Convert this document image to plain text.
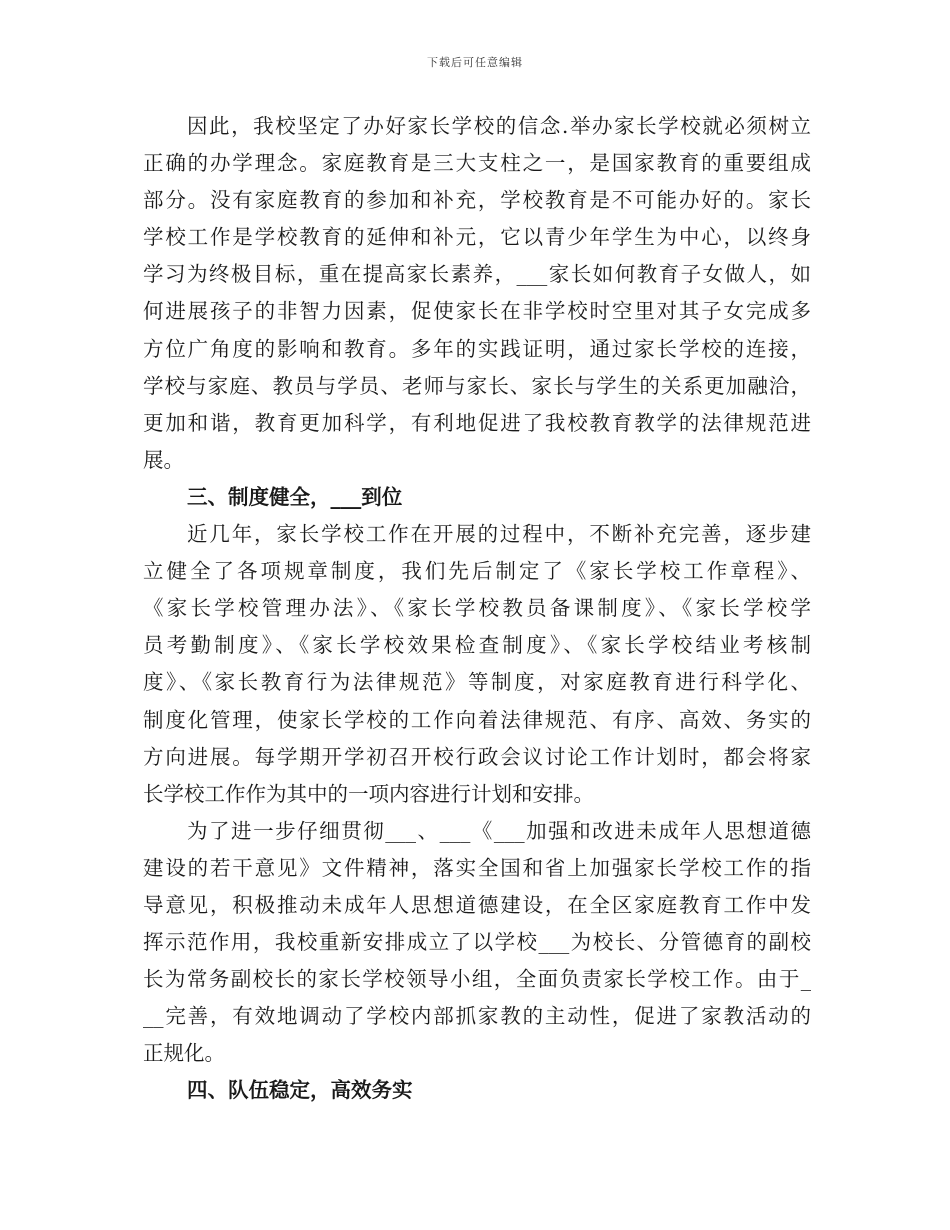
下载后可任意编辑
因此，我校坚定了办好家长学校的信念.举办家长学校就必须树立
正确的办学理念。家庭教育是三大支柱之一，是国家教育的重要组成
部分。没有家庭教育的参加和补充，学校教育是不可能办好的。家长
学校工作是学校教育的延伸和补元，它以青少年学生为中心，以终身
学习为终极目标，重在提高家长素养，___家长如何教育子女做人，如
何进展孩子的非智力因素，促使家长在非学校时空里对其子女完成多
方位广角度的影响和教育。多年的实践证明，通过家长学校的连接，
学校与家庭、教员与学员、老师与家长、家长与学生的关系更加融洽，
更加和谐，教育更加科学，有利地促进了我校教育教学的法律规范进
展。
三、制度健全，___到位
近几年，家长学校工作在开展的过程中，不断补充完善，逐步建
立健全了各项规章制度，我们先后制定了《家长学校工作章程》、
《家长学校管理办法》、《家长学校教员备课制度》、《家长学校学
员考勤制度》、《家长学校效果检查制度》、《家长学校结业考核制
度》、《家长教育行为法律规范》等制度，对家庭教育进行科学化、
制度化管理，使家长学校的工作向着法律规范、有序、高效、务实的
方向进展。每学期开学初召开校行政会议讨论工作计划时，都会将家
长学校工作作为其中的一项内容进行计划和安排。
为了进一步仔细贯彻___、___《___加强和改进未成年人思想道德
建设的若干意见》文件精神，落实全国和省上加强家长学校工作的指
导意见，积极推动未成年人思想道德建设，在全区家庭教育工作中发
挥示范作用，我校重新安排成立了以学校___为校长、分管德育的副校
长为常务副校长的家长学校领导小组，全面负责家长学校工作。由于_
__完善，有效地调动了学校内部抓家教的主动性，促进了家教活动的
正规化。
四、队伍稳定，高效务实
